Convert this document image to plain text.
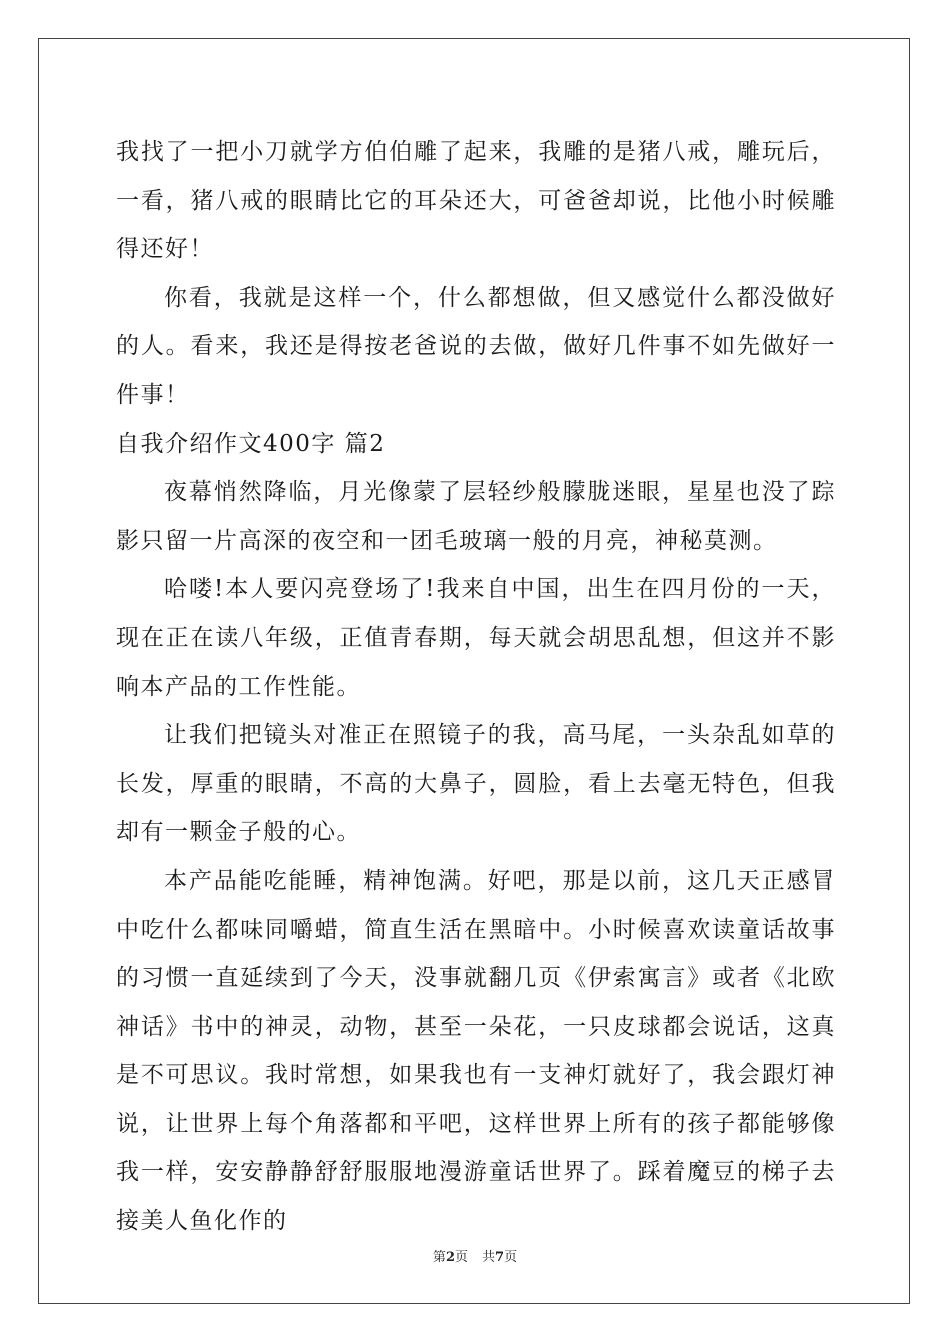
我找了一把小刀就学方伯伯雕了起来，我雕的是猪八戒，雕玩后，一看，猪八戒的眼睛比它的耳朵还大，可爸爸却说，比他小时候雕得还好！

你看，我就是这样一个，什么都想做，但又感觉什么都没做好的人。看来，我还是得按老爸说的去做，做好几件事不如先做好一件事！

自我介绍作文400字 篇2

夜幕悄然降临，月光像蒙了层轻纱般朦胧迷眼，星星也没了踪影只留一片高深的夜空和一团毛玻璃一般的月亮，神秘莫测。

哈喽!本人要闪亮登场了!我来自中国，出生在四月份的一天，现在正在读八年级，正值青春期，每天就会胡思乱想，但这并不影响本产品的工作性能。

让我们把镜头对准正在照镜子的我，高马尾，一头杂乱如草的长发，厚重的眼睛，不高的大鼻子，圆脸，看上去毫无特色，但我却有一颗金子般的心。

本产品能吃能睡，精神饱满。好吧，那是以前，这几天正感冒中吃什么都味同嚼蜡，简直生活在黑暗中。小时候喜欢读童话故事的习惯一直延续到了今天，没事就翻几页《伊索寓言》或者《北欧神话》书中的神灵，动物，甚至一朵花，一只皮球都会说话，这真是不可思议。我时常想，如果我也有一支神灯就好了，我会跟灯神说，让世界上每个角落都和平吧，这样世界上所有的孩子都能够像我一样，安安静静舒舒服服地漫游童话世界了。踩着魔豆的梯子去接美人鱼化作的

第2页 共7页
